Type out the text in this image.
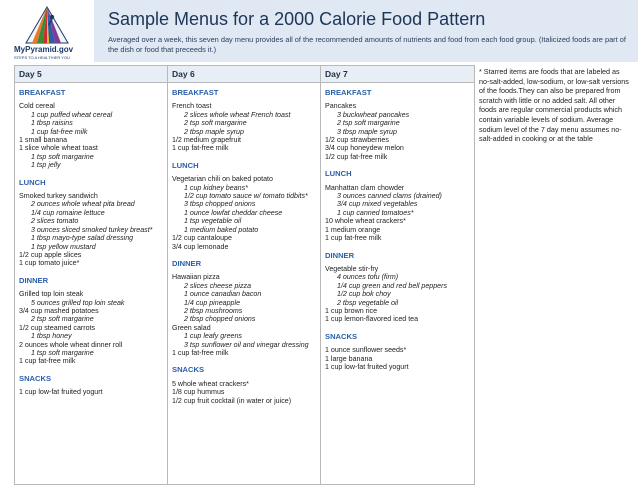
MyPyramid.gov
STEPS TO A HEALTHIER YOU
Sample Menus for a 2000 Calorie Food Pattern
Averaged over a week, this seven day menu provides all of the recommended amounts of nutrients and food from each food group. (Italicized foods are part of the dish or food that preceeds it.)
Day 5
BREAKFAST
Cold cereal
1 cup puffed wheat cereal
1 tbsp raisins
1 cup fat-free milk
1 small banana
1 slice whole wheat toast
1 tsp soft margarine
1 tsp jelly
LUNCH
Smoked turkey sandwich
2 ounces whole wheat pita bread
1/4 cup romaine lettuce
2 slices tomato
3 ounces sliced smoked turkey breast*
1 tbsp mayo-type salad dressing
1 tsp yellow mustard
1/2 cup apple slices
1 cup tomato juice*
DINNER
Grilled top loin steak
5 ounces grilled top loin steak
3/4 cup mashed potatoes
2 tsp soft margarine
1/2 cup steamed carrots
1 tbsp honey
2 ounces whole wheat dinner roll
1 tsp soft margarine
1 cup fat-free milk
SNACKS
1 cup low-fat fruited yogurt
Day 6
BREAKFAST
French toast
2 slices whole wheat French toast
2 tsp soft margarine
2 tbsp maple syrup
1/2 medium grapefruit
1 cup fat-free milk
LUNCH
Vegetarian chili on baked potato
1 cup kidney beans*
1/2 cup tomato sauce w/ tomato tidbits*
3 tbsp chopped onions
1 ounce lowfat cheddar cheese
1 tsp vegetable oil
1 medium baked potato
1/2 cup cantaloupe
3/4 cup lemonade
DINNER
Hawaiian pizza
2 slices cheese pizza
1 ounce canadian bacon
1/4 cup pineapple
2 tbsp mushrooms
2 tbsp chopped onions
Green salad
1 cup leafy greens
3 tsp sunflower oil and vinegar dressing
1 cup fat-free milk
SNACKS
5 whole wheat crackers*
1/8 cup hummus
1/2 cup fruit cocktail (in water or juice)
Day 7
BREAKFAST
Pancakes
3 buckwheat pancakes
2 tsp soft margarine
3 tbsp maple syrup
1/2 cup strawberries
3/4 cup honeydew melon
1/2 cup fat-free milk
LUNCH
Manhattan clam chowder
3 ounces canned clams (drained)
3/4 cup mixed vegetables
1 cup canned tomatoes*
10 whole wheat crackers*
1 medium orange
1 cup fat-free milk
DINNER
Vegetable stir-fry
4 ounces tofu (firm)
1/4 cup green and red bell peppers
1/2 cup bok choy
2 tbsp vegetable oil
1 cup brown rice
1 cup lemon-flavored iced tea
SNACKS
1 ounce sunflower seeds*
1 large banana
1 cup low-fat fruited yogurt
* Starred items are foods that are labeled as no-salt-added, low-sodium, or low-salt versions of the foods.They can also be prepared from scratch with little or no added salt. All other foods are regular commercial products which contain variable levels of sodium. Average sodium level of the 7 day menu assumes no-salt-added in cooking or at the table
